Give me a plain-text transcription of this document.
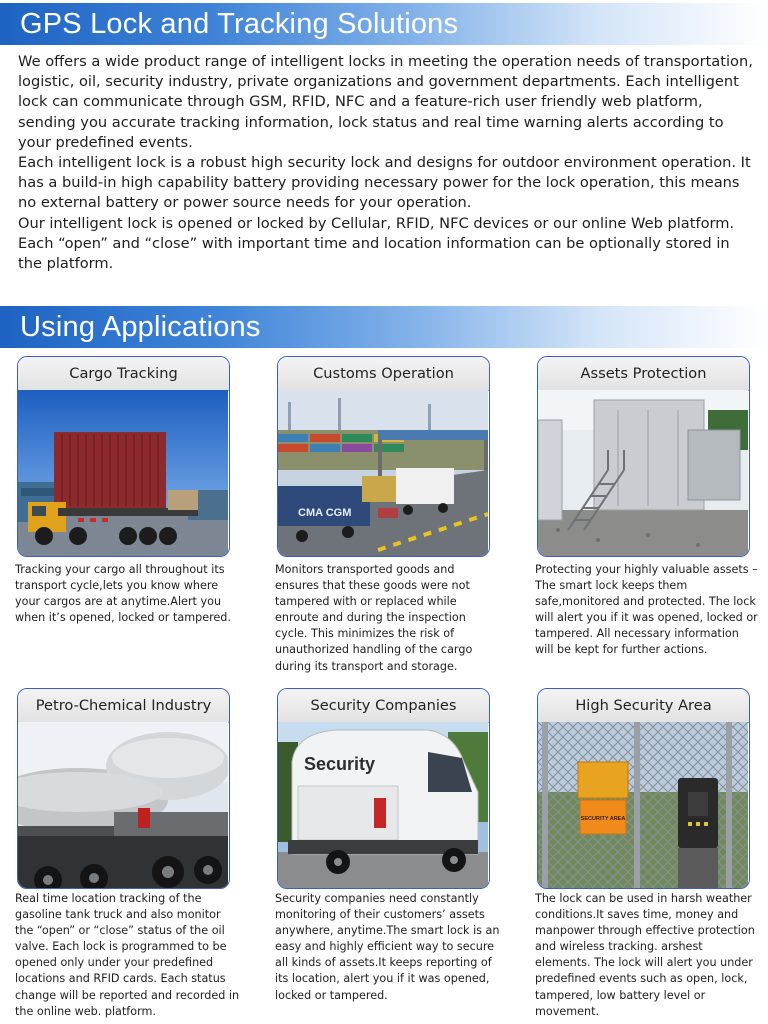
GPS Lock and Tracking Solutions

We offers a wide product range of intelligent locks in meeting the operation needs of transportation, logistic, oil, security industry, private organizations and government departments. Each intelligent lock can communicate through GSM, RFID, NFC and a feature-rich user friendly web platform, sending you accurate tracking information, lock status and real time warning alerts according to your predefined events.

Each intelligent lock is a robust high security lock and designs for outdoor environment operation. It has a build-in high capability battery providing necessary power for the lock operation, this means no external battery or power source needs for your operation.

Our intelligent lock is opened or locked by Cellular, RFID, NFC devices or our online Web platform. Each “open” and “close” with important time and location information can be optionally stored in the platform.

Using Applications
Cargo Tracking
Tracking your cargo all throughout its transport cycle,lets you know where your cargos are at anytime.Alert you when it’s opened, locked or tampered.
Customs Operation
CMA CGM
Monitors transported goods and ensures that these goods were not tampered with or replaced while enroute and during the inspection cycle. This minimizes the risk of unauthorized handling of the cargo during its transport and storage.
Assets Protection
Protecting your highly valuable assets – The smart lock keeps them safe,monitored and protected. The lock will alert you if it was opened, locked or tampered. All necessary information will be kept for further actions.
Petro-Chemical Industry
Real time location tracking of the gasoline tank truck and also monitor the “open” or “close” status of the oil valve. Each lock is programmed to be opened only under your predefined locations and RFID cards. Each status change will be reported and recorded in the online web. platform.
Security Companies
Security
Security companies need constantly monitoring of their customers’ assets anywhere, anytime.The smart lock is an easy and highly efficient way to secure all kinds of assets.It keeps reporting of its location, alert you if it was opened, locked or tampered.
High Security Area
SECURITY AREA
The lock can be used in harsh weather conditions.It saves time, money and manpower through effective protection and wireless tracking. arshest elements. The lock will alert you under predefined events such as open, lock, tampered, low battery level or movement.
